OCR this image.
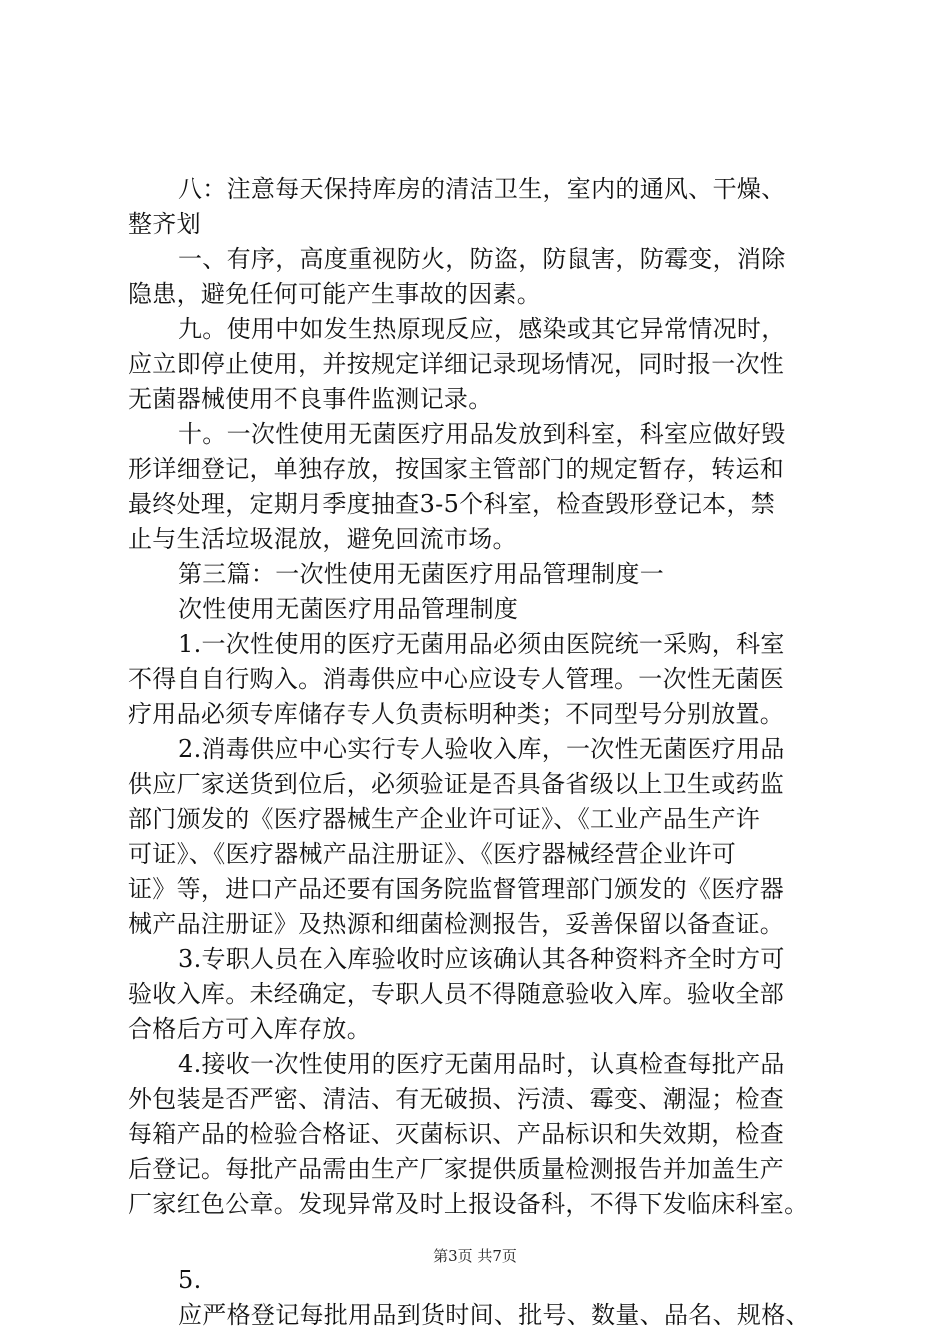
八：注意每天保持库房的清洁卫生，室内的通风、干燥、
整齐划
一、有序，高度重视防火，防盗，防鼠害，防霉变，消除
隐患，避免任何可能产生事故的因素。
九。使用中如发生热原现反应，感染或其它异常情况时，
应立即停止使用，并按规定详细记录现场情况，同时报一次性
无菌器械使用不良事件监测记录。
十。一次性使用无菌医疗用品发放到科室，科室应做好毁
形详细登记，单独存放，按国家主管部门的规定暂存，转运和
最终处理，定期月季度抽查3-5个科室，检查毁形登记本，禁
止与生活垃圾混放，避免回流市场。
第三篇：一次性使用无菌医疗用品管理制度一
次性使用无菌医疗用品管理制度
1.一次性使用的医疗无菌用品必须由医院统一采购，科室
不得自自行购入。消毒供应中心应设专人管理。一次性无菌医
疗用品必须专库储存专人负责标明种类；不同型号分别放置。
2.消毒供应中心实行专人验收入库，一次性无菌医疗用品
供应厂家送货到位后，必须验证是否具备省级以上卫生或药监
部门颁发的《医疗器械生产企业许可证》、《工业产品生产许
可证》、《医疗器械产品注册证》、《医疗器械经营企业许可
证》等，进口产品还要有国务院监督管理部门颁发的《医疗器
械产品注册证》及热源和细菌检测报告，妥善保留以备查证。
3.专职人员在入库验收时应该确认其各种资料齐全时方可
验收入库。未经确定，专职人员不得随意验收入库。验收全部
合格后方可入库存放。
4.接收一次性使用的医疗无菌用品时，认真检查每批产品
外包装是否严密、清洁、有无破损、污渍、霉变、潮湿；检查
每箱产品的检验合格证、灭菌标识、产品标识和失效期，检查
后登记。每批产品需由生产厂家提供质量检测报告并加盖生产
厂家红色公章。发现异常及时上报设备科，不得下发临床科室。
5.
应严格登记每批用品到货时间、批号、数量、品名、规格、
第3页 共7页
